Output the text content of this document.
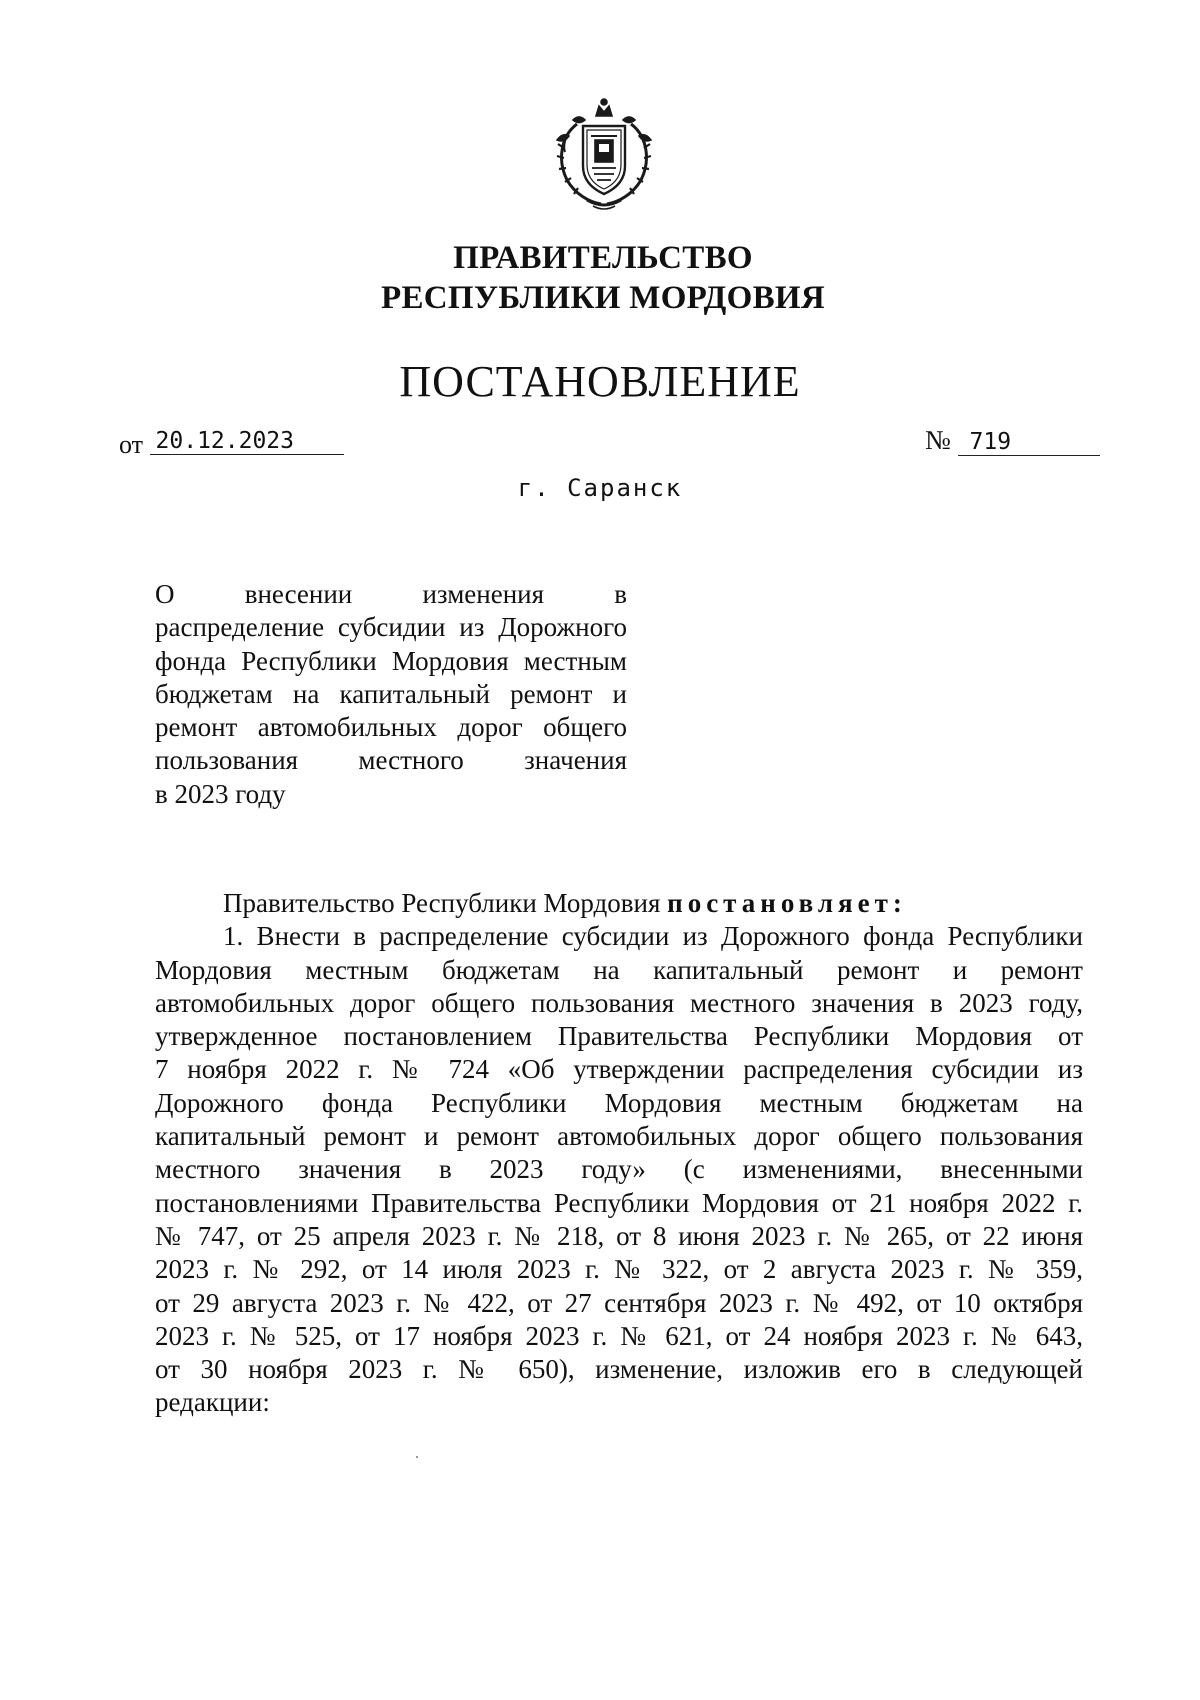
ПРАВИТЕЛЬСТВО
РЕСПУБЛИКИ МОРДОВИЯ
ПОСТАНОВЛЕНИЕ
от 20.12.2023	№ 719
г. Саранск
О внесении изменения в
распределение субсидии из Дорожного
фонда Республики Мордовия местным
бюджетам на капитальный ремонт и
ремонт автомобильных дорог общего
пользования местного значения
в 2023 году
Правительство Республики Мордовия постановляет:
1. Внести в распределение субсидии из Дорожного фонда Республики
Мордовия местным бюджетам на капитальный ремонт и ремонт
автомобильных дорог общего пользования местного значения в 2023 году,
утвержденное постановлением Правительства Республики Мордовия от
7 ноября 2022 г. № 724 «Об утверждении распределения субсидии из
Дорожного фонда Республики Мордовия местным бюджетам на
капитальный ремонт и ремонт автомобильных дорог общего пользования
местного значения в 2023 году» (с изменениями, внесенными
постановлениями Правительства Республики Мордовия от 21 ноября 2022 г.
№ 747, от 25 апреля 2023 г. № 218, от 8 июня 2023 г. № 265, от 22 июня
2023 г. № 292, от 14 июля 2023 г. № 322, от 2 августа 2023 г. № 359,
от 29 августа 2023 г. № 422, от 27 сентября 2023 г. № 492, от 10 октября
2023 г. № 525, от 17 ноября 2023 г. № 621, от 24 ноября 2023 г. № 643,
от 30 ноября 2023 г. № 650), изменение, изложив его в следующей
редакции:
